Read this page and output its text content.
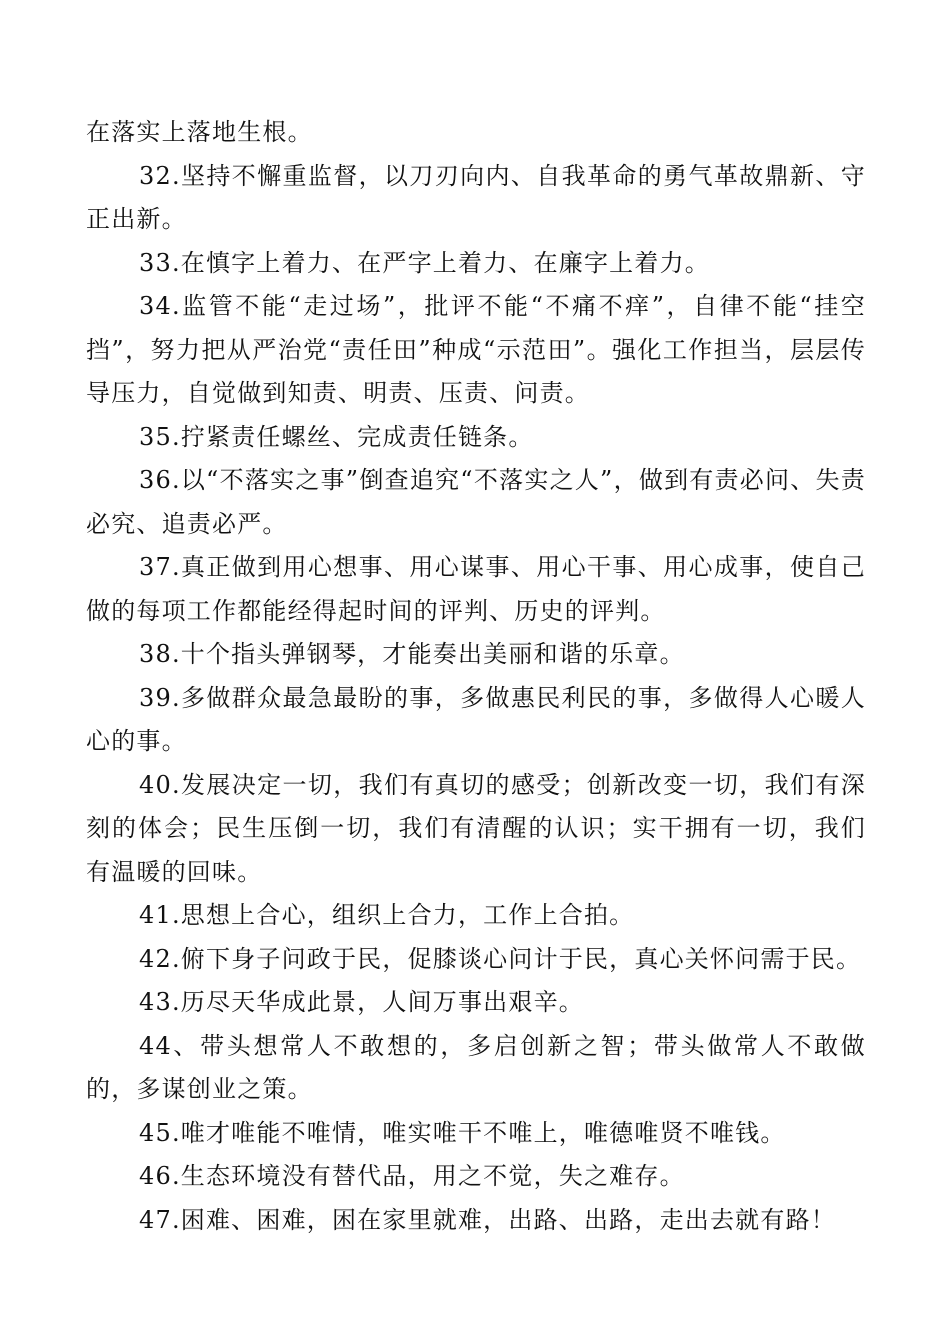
在落实上落地生根。

32.坚持不懈重监督，以刀刃向内、自我革命的勇气革故鼎新、守正出新。

33.在慎字上着力、在严字上着力、在廉字上着力。

34.监管不能“走过场”，批评不能“不痛不痒”，自律不能“挂空挡”，努力把从严治党“责任田”种成“示范田”。强化工作担当，层层传导压力，自觉做到知责、明责、压责、问责。

35.拧紧责任螺丝、完成责任链条。

36.以“不落实之事”倒查追究“不落实之人”，做到有责必问、失责必究、追责必严。

37.真正做到用心想事、用心谋事、用心干事、用心成事，使自己做的每项工作都能经得起时间的评判、历史的评判。

38.十个指头弹钢琴，才能奏出美丽和谐的乐章。

39.多做群众最急最盼的事，多做惠民利民的事，多做得人心暖人心的事。

40.发展决定一切，我们有真切的感受；创新改变一切，我们有深刻的体会；民生压倒一切，我们有清醒的认识；实干拥有一切，我们有温暖的回味。

41.思想上合心，组织上合力，工作上合拍。

42.俯下身子问政于民，促膝谈心问计于民，真心关怀问需于民。

43.历尽天华成此景，人间万事出艰辛。

44、带头想常人不敢想的，多启创新之智；带头做常人不敢做的，多谋创业之策。

45.唯才唯能不唯情，唯实唯干不唯上，唯德唯贤不唯钱。

46.生态环境没有替代品，用之不觉，失之难存。

47.困难、困难，困在家里就难，出路、出路，走出去就有路！
